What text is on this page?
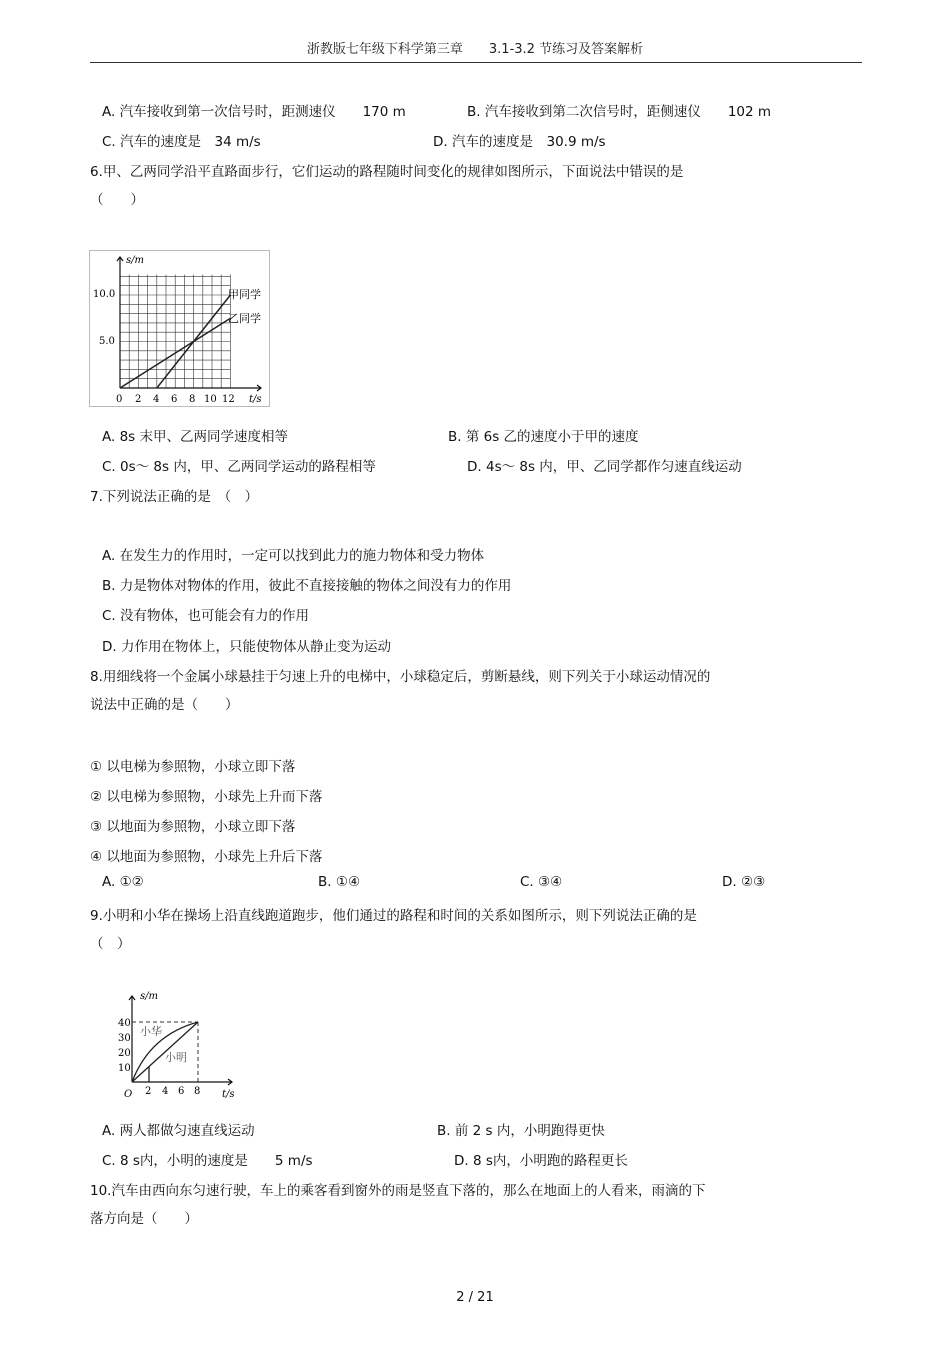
浙教版七年级下科学第三章　　3.1-3.2 节练习及答案解析
A. 汽车接收到第一次信号时，距测速仪　　170 m	B. 汽车接收到第二次信号时，距侧速仪　　102 m
C. 汽车的速度是　34 m/s	D. 汽车的速度是　30.9 m/s
6.甲、乙两同学沿平直路面步行，它们运动的路程随时间变化的规律如图所示，下面说法中错误的是
（　　）
s/m
t/s
10.0
5.0
0 2 4 6 8 10 12
甲同学
乙同学
A. 8s 末甲、乙两同学速度相等	B. 第 6s 乙的速度小于甲的速度
C. 0s～ 8s 内，甲、乙两同学运动的路程相等	D. 4s～ 8s 内，甲、乙同学都作匀速直线运动
7.下列说法正确的是　（　）
A. 在发生力的作用时，一定可以找到此力的施力物体和受力物体
B. 力是物体对物体的作用，彼此不直接接触的物体之间没有力的作用
C. 没有物体，也可能会有力的作用
D. 力作用在物体上，只能使物体从静止变为运动
8.用细线将一个金属小球悬挂于匀速上升的电梯中，小球稳定后，剪断悬线，则下列关于小球运动情况的
说法中正确的是（　　）
① 以电梯为参照物，小球立即下落
② 以电梯为参照物，小球先上升而下落
③ 以地面为参照物，小球立即下落
④ 以地面为参照物，小球先上升后下落
A. ①②	B. ①④	C. ③④	D. ②③
9.小明和小华在操场上沿直线跑道跑步，他们通过的路程和时间的关系如图所示，则下列说法正确的是
（　）
s/m
t/s
O
40
30
20
10
2 4 6 8
小华
小明
A. 两人都做匀速直线运动	B. 前 2 s 内，小明跑得更快
C. 8 s内，小明的速度是　　5 m/s	D. 8 s内，小明跑的路程更长
10.汽车由西向东匀速行驶，车上的乘客看到窗外的雨是竖直下落的，那么在地面上的人看来，雨滴的下
落方向是（　　）
2 / 21
